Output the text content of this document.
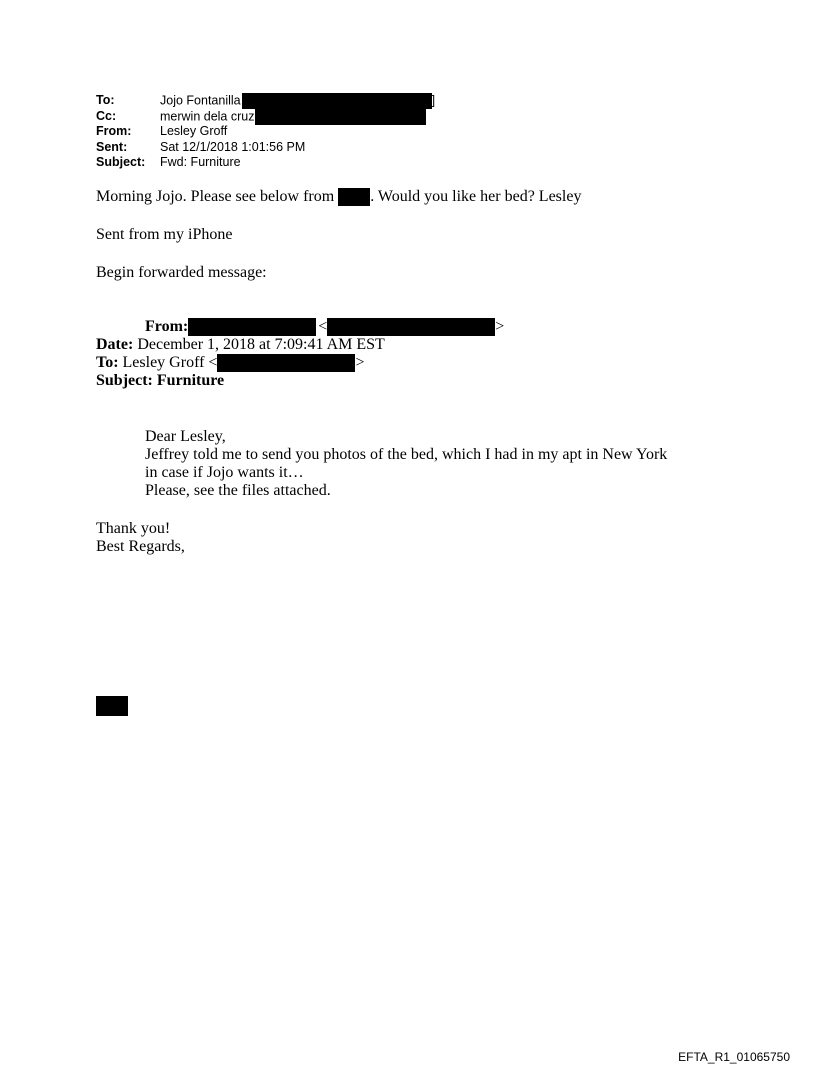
To:	Jojo Fontanilla	]
Cc:	merwin dela cruz
From: Lesley Groff
Sent:	Sat 12/1/2018 1:01:56 PM
Subject: Fwd: Furniture
Morning Jojo. Please see below from . Would you like her bed? Lesley
Sent from my iPhone
Begin forwarded message:
From:	<	>
Date: December 1, 2018 at 7:09:41 AM EST
To: Lesley Groff <	>
Subject: Furniture
Dear Lesley,
Jeffrey told me to send you photos of the bed, which I had in my apt in New York
in case if Jojo wants it…
Please, see the files attached.
Thank you!
Best Regards,
EFTA_R1_01065750
